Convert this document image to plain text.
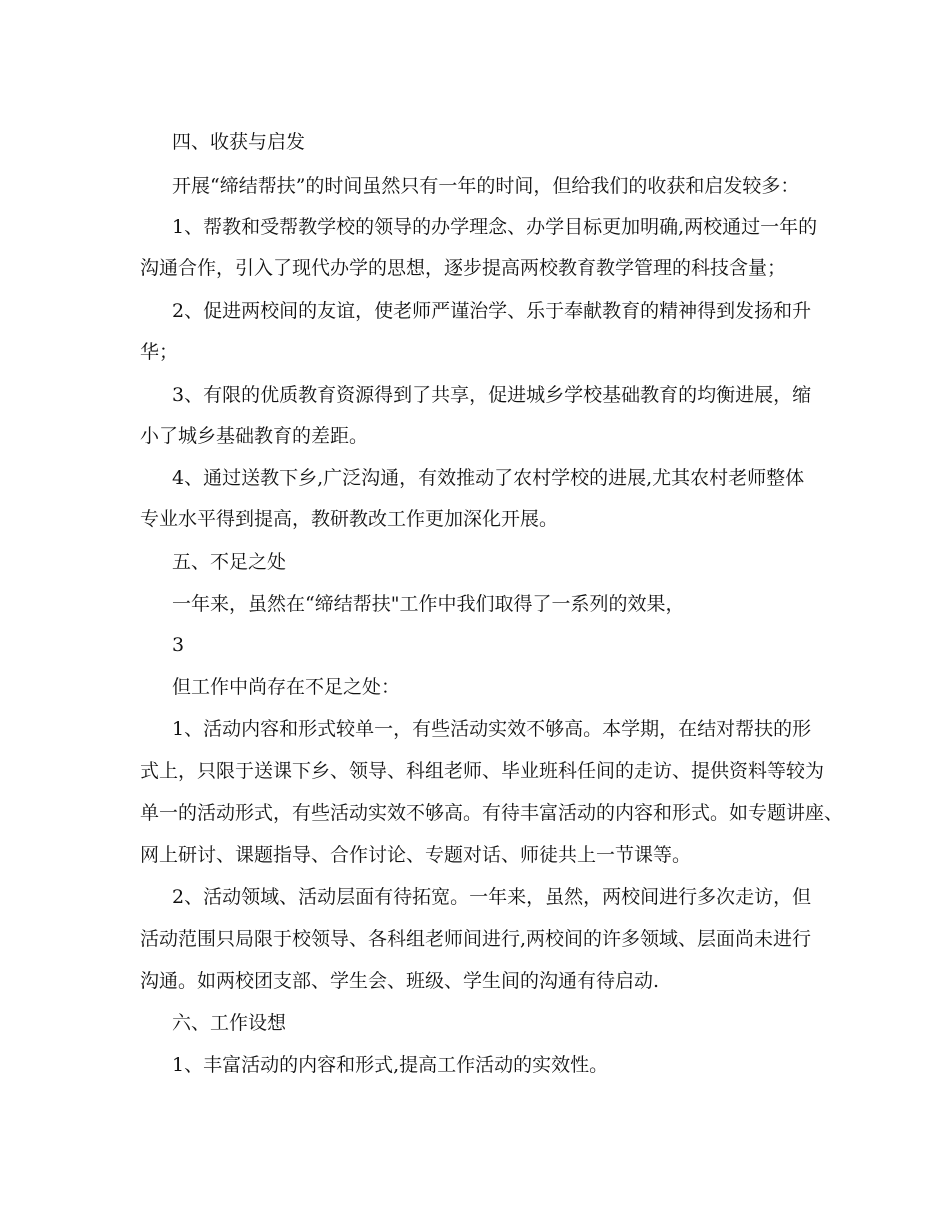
四、收获与启发
开展“缔结帮扶”的时间虽然只有一年的时间，但给我们的收获和启发较多：
1、帮教和受帮教学校的领导的办学理念、办学目标更加明确,两校通过一年的
沟通合作，引入了现代办学的思想，逐步提高两校教育教学管理的科技含量；
2、促进两校间的友谊，使老师严谨治学、乐于奉献教育的精神得到发扬和升
华；
3、有限的优质教育资源得到了共享，促进城乡学校基础教育的均衡进展，缩
小了城乡基础教育的差距。
4、通过送教下乡,广泛沟通，有效推动了农村学校的进展,尤其农村老师整体
专业水平得到提高，教研教改工作更加深化开展。
五、不足之处
一年来，虽然在“缔结帮扶"工作中我们取得了一系列的效果，
3
但工作中尚存在不足之处：
1、活动内容和形式较单一，有些活动实效不够高。本学期，在结对帮扶的形
式上，只限于送课下乡、领导、科组老师、毕业班科任间的走访、提供资料等较为
单一的活动形式，有些活动实效不够高。有待丰富活动的内容和形式。如专题讲座、
网上研讨、课题指导、合作讨论、专题对话、师徒共上一节课等。
2、活动领域、活动层面有待拓宽。一年来，虽然，两校间进行多次走访，但
活动范围只局限于校领导、各科组老师间进行,两校间的许多领域、层面尚未进行
沟通。如两校团支部、学生会、班级、学生间的沟通有待启动.
六、工作设想
1、丰富活动的内容和形式,提高工作活动的实效性。
